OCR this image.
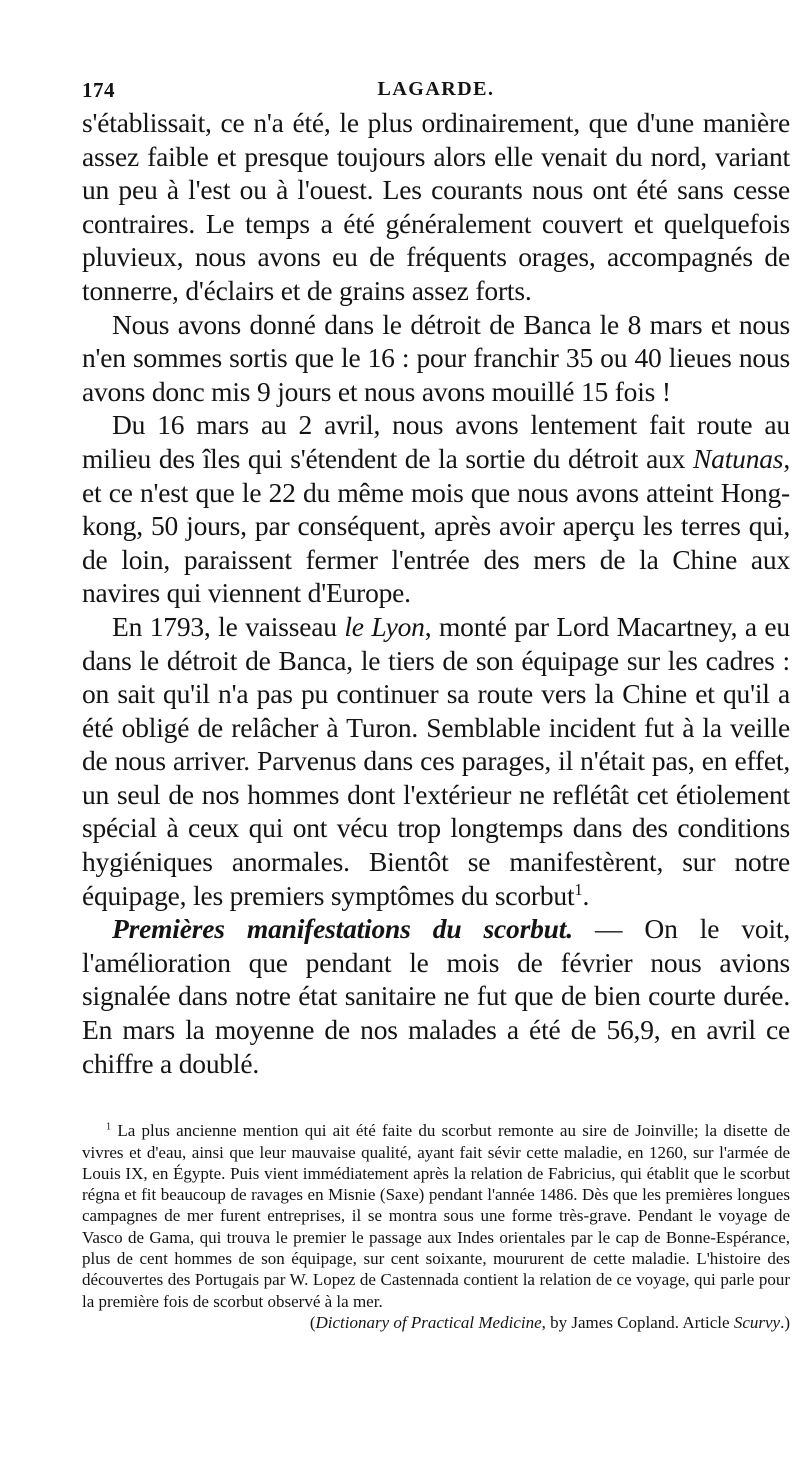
174	LAGARDE.

s'établissait, ce n'a été, le plus ordinairement, que d'une manière assez faible et presque toujours alors elle venait du nord, variant un peu à l'est ou à l'ouest. Les courants nous ont été sans cesse contraires. Le temps a été généralement couvert et quelquefois pluvieux, nous avons eu de fréquents orages, accompagnés de tonnerre, d'éclairs et de grains assez forts.

Nous avons donné dans le détroit de Banca le 8 mars et nous n'en sommes sortis que le 16 : pour franchir 35 ou 40 lieues nous avons donc mis 9 jours et nous avons mouillé 15 fois !

Du 16 mars au 2 avril, nous avons lentement fait route au milieu des îles qui s'étendent de la sortie du détroit aux Natunas, et ce n'est que le 22 du même mois que nous avons atteint Hong-kong, 50 jours, par conséquent, après avoir aperçu les terres qui, de loin, paraissent fermer l'entrée des mers de la Chine aux navires qui viennent d'Europe.

En 1793, le vaisseau le Lyon, monté par Lord Macartney, a eu dans le détroit de Banca, le tiers de son équipage sur les cadres : on sait qu'il n'a pas pu continuer sa route vers la Chine et qu'il a été obligé de relâcher à Turon. Semblable incident fut à la veille de nous arriver. Parvenus dans ces parages, il n'était pas, en effet, un seul de nos hommes dont l'extérieur ne reflétât cet étiolement spécial à ceux qui ont vécu trop longtemps dans des conditions hygiéniques anormales. Bientôt se manifestèrent, sur notre équipage, les premiers symptômes du scorbut$^1$.

Premières manifestations du scorbut. — On le voit, l'amélioration que pendant le mois de février nous avions signalée dans notre état sanitaire ne fut que de bien courte durée. En mars la moyenne de nos malades a été de 56,9, en avril ce chiffre a doublé.

$^1$ La plus ancienne mention qui ait été faite du scorbut remonte au sire de Joinville; la disette de vivres et d'eau, ainsi que leur mauvaise qualité, ayant fait sévir cette maladie, en 1260, sur l'armée de Louis IX, en Égypte. Puis vient immédiatement après la relation de Fabricius, qui établit que le scorbut régna et fit beaucoup de ravages en Misnie (Saxe) pendant l'année 1486. Dès que les premières longues campagnes de mer furent entreprises, il se montra sous une forme très-grave. Pendant le voyage de Vasco de Gama, qui trouva le premier le passage aux Indes orientales par le cap de Bonne-Espérance, plus de cent hommes de son équipage, sur cent soixante, moururent de cette maladie. L'histoire des découvertes des Portugais par W. Lopez de Castennada contient la relation de ce voyage, qui parle pour la première fois de scorbut observé à la mer.

(Dictionary of Practical Medicine, by James Copland. Article Scurvy.)
